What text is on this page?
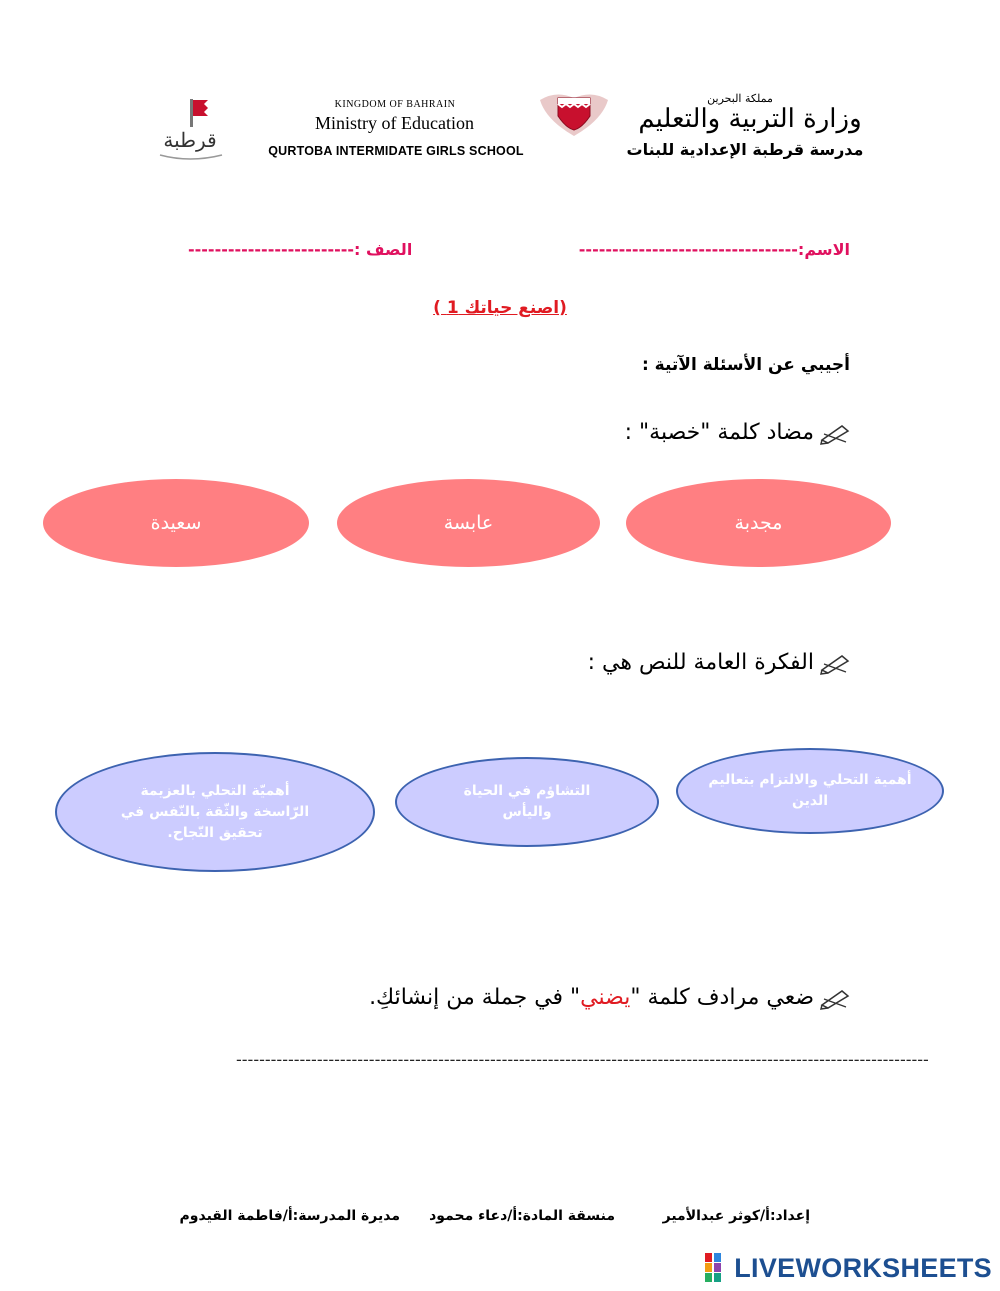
قرطبة
KINGDOM OF BAHRAIN
Ministry of Education
QURTOBA INTERMIDATE GIRLS SCHOOL
مملكة البحرين
وزارة التربية والتعليم
مدرسة قرطبة الإعدادية للبنات
الاسم:---------------------------------
الصف :-------------------------
(اصنع حياتك 1 )
أجيبي عن الأسئلة الآتية :
مضاد كلمة "خصبة" :
مجدبة
عابسة
سعيدة
الفكرة العامة للنص هي :
أهمية التحلي والالتزام بتعاليم الدين
التشاؤم في الحياة واليأس
أهميّة التحلي بالعزيمة الرّاسخة والثّقة بالنّفس في تحقيق النّجاح.
ضعي مرادف كلمة "يضني" في جملة من إنشائكِ.
------------------------------------------------------------------------------------------------------------------------
إعداد:أ/كوثر عبدالأمير
منسقة المادة:أ/دعاء محمود
مديرة المدرسة:أ/فاطمة القيدوم
LIVEWORKSHEETS
